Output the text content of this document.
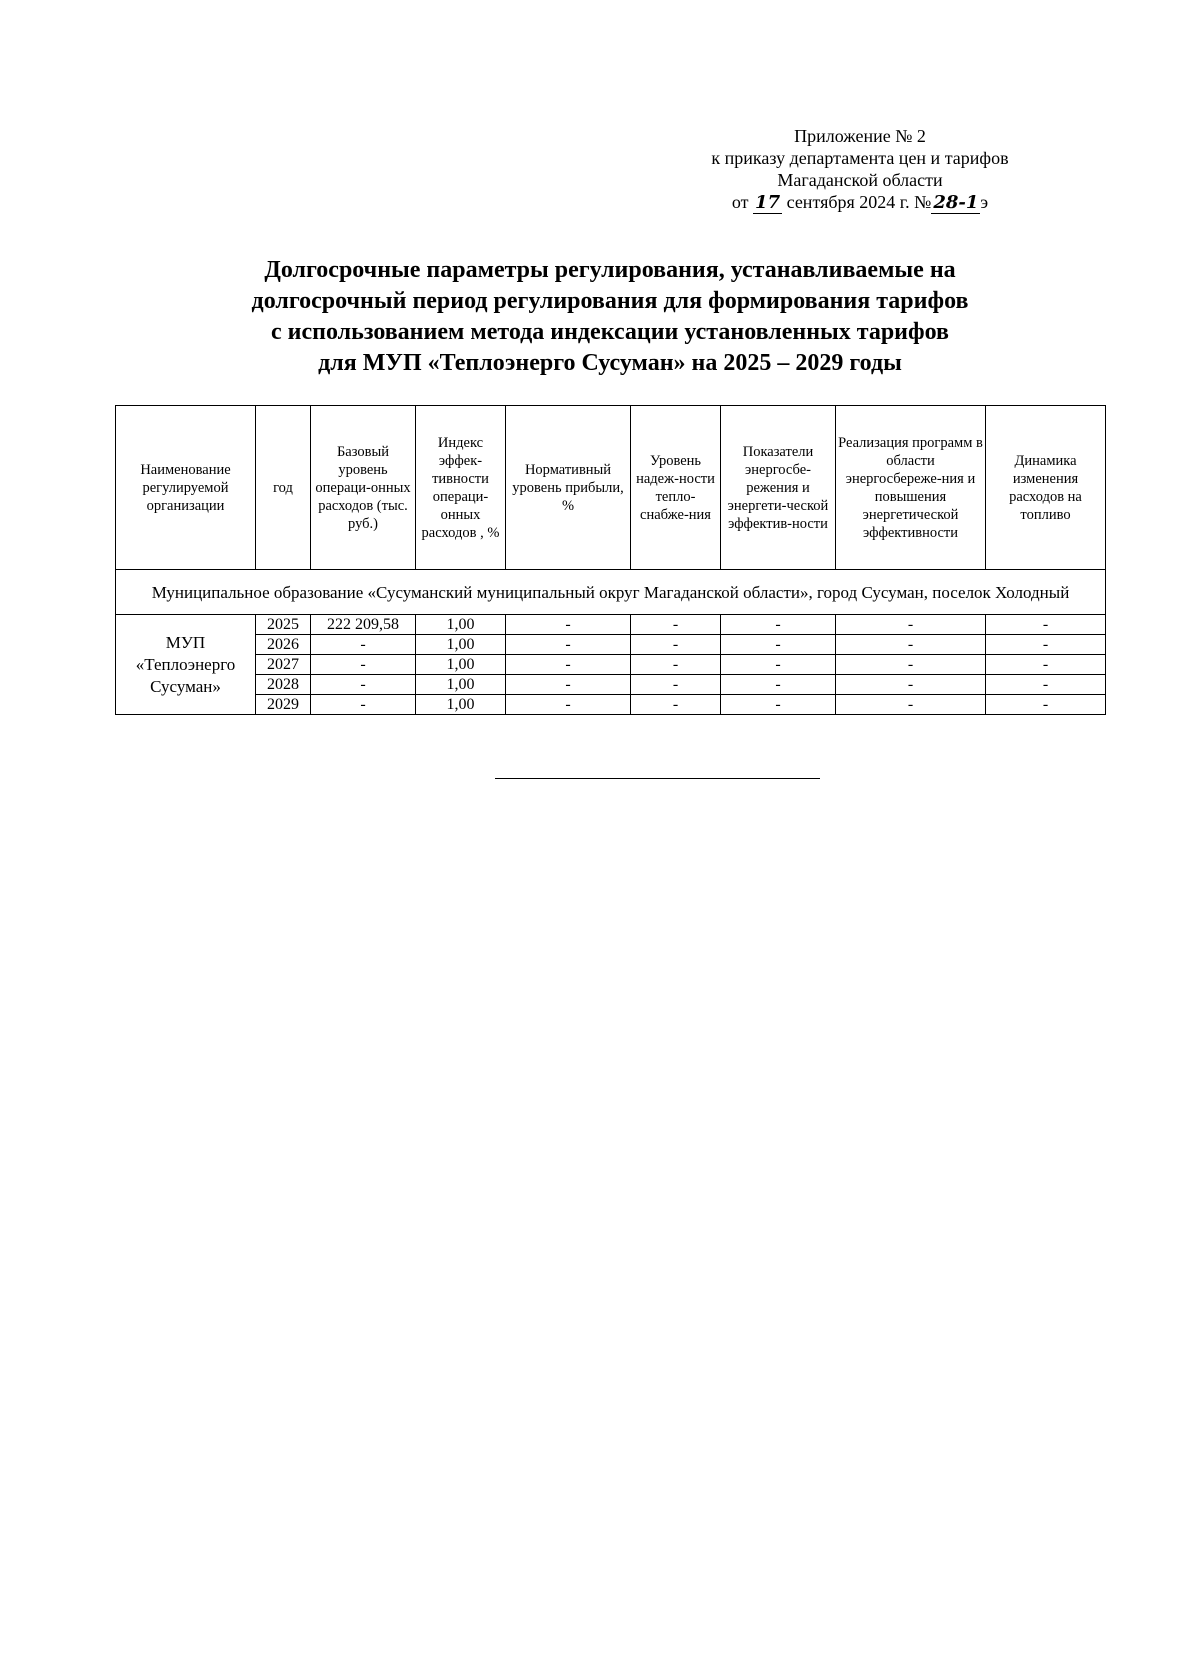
Приложение № 2
к приказу департамента цен и тарифов
Магаданской области
от 17 сентября 2024 г. № 28-1 э
Долгосрочные параметры регулирования, устанавливаемые на
долгосрочный период регулирования для формирования тарифов
с использованием метода индексации установленных тарифов
для МУП «Теплоэнерго Сусуман» на 2025 – 2029 годы
Наименование регулируемой организации	год	Базовый уровень операци-онных расходов (тыс. руб.)	Индекс эффек-тивности операци-онных расходов , %	Нормативный уровень прибыли, %	Уровень надеж-ности тепло-снабже-ния	Показатели энергосбе-режения и энергети-ческой эффектив-ности	Реализация программ в области энергосбереже-ния и повышения энергетической эффективности	Динамика изменения расходов на топливо
Муниципальное образование «Сусуманский муниципальный округ Магаданской области», город Сусуман, поселок Холодный								
МУП «Теплоэнерго Сусуман»	2025	222 209,58	1,00	-	-	-	-	-
	2026	-	1,00	-	-	-	-	-
	2027	-	1,00	-	-	-	-	-
	2028	-	1,00	-	-	-	-	-
	2029	-	1,00	-	-	-	-	-
